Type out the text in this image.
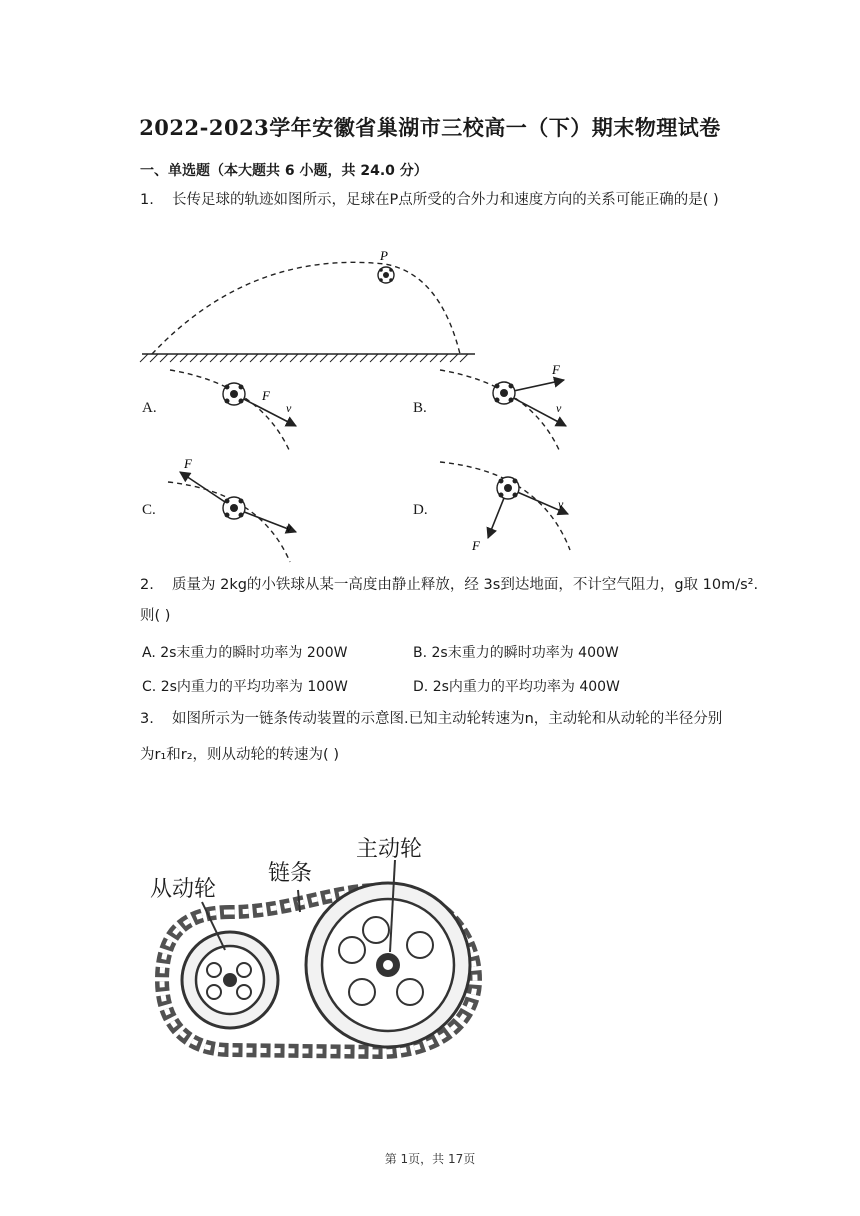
2022-2023学年安徽省巢湖市三校高一（下）期末物理试卷
一、单选题（本大题共 6 小题，共 24.0 分）
1. 长传足球的轨迹如图所示，足球在P点所受的合外力和速度方向的关系可能正确的是( )
P
A.
F
v	B.
F
v
C.
F
v
D.
F
v
2. 质量为 2kg的小铁球从某一高度由静止释放，经 3s到达地面，不计空气阻力，g取 10m/s².
则( )
A. 2s末重力的瞬时功率为 200W	B. 2s末重力的瞬时功率为 400W
C. 2s内重力的平均功率为 100W	D. 2s内重力的平均功率为 400W
3. 如图所示为一链条传动装置的示意图.已知主动轮转速为n，主动轮和从动轮的半径分别
为r₁和r₂，则从动轮的转速为( )
从动轮
链条
主动轮
第 1页，共 17页
